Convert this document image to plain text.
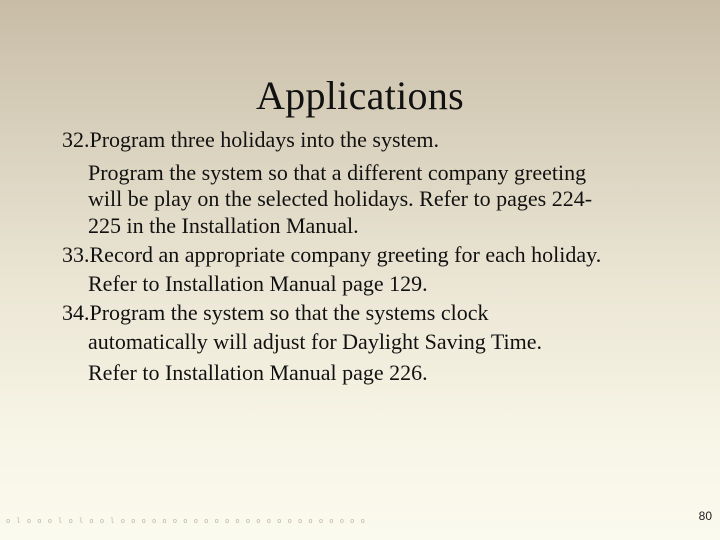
Applications
32.Program three holidays into the system.
Program the system so that a different company greeting
will be play on the selected holidays. Refer to pages 224-
225 in the Installation Manual.
33.Record an appropriate company greeting for each holiday.
Refer to Installation Manual page 129.
34.Program the system so that the systems clock
automatically will adjust for Daylight Saving Time.
Refer to Installation Manual page 226.
o l o o o l o l o o l o o o o o o o o o o o o o o o o o o o o o o o o	80
